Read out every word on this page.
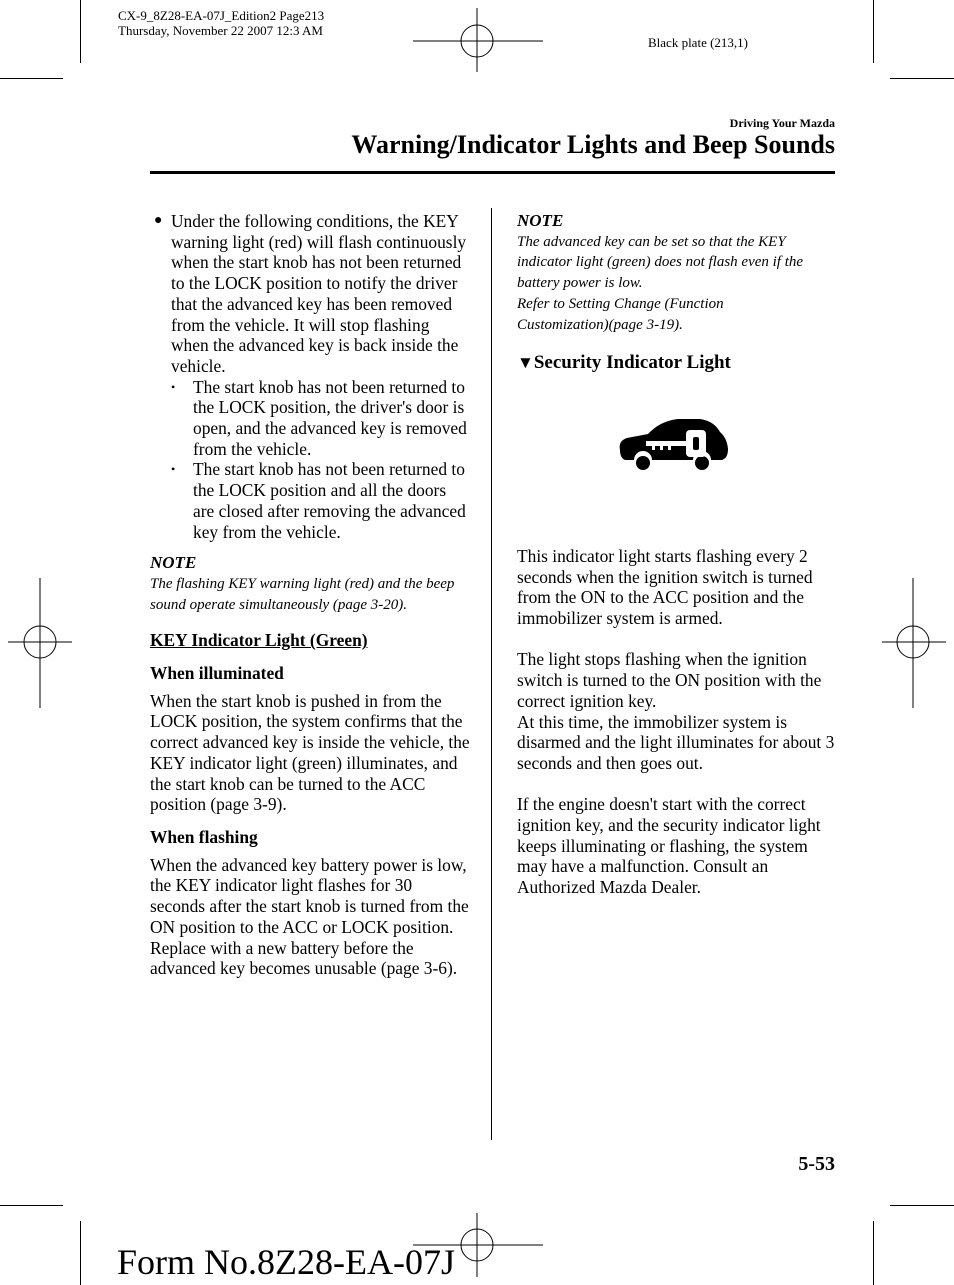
CX-9_8Z28-EA-07J_Edition2 Page213
Thursday, November 22 2007 12:3 AM
Black plate (213,1)
Driving Your Mazda
Warning/Indicator Lights and Beep Sounds
● Under the following conditions, the KEY warning light (red) will flash continuously when the start knob has not been returned to the LOCK position to notify the driver that the advanced key has been removed from the vehicle. It will stop flashing when the advanced key is back inside the vehicle.
• The start knob has not been returned to the LOCK position, the driver's door is open, and the advanced key is removed from the vehicle.
• The start knob has not been returned to the LOCK position and all the doors are closed after removing the advanced key from the vehicle.
NOTE
The flashing KEY warning light (red) and the beep sound operate simultaneously (page 3-20).
KEY Indicator Light (Green)
When illuminated
When the start knob is pushed in from the LOCK position, the system confirms that the correct advanced key is inside the vehicle, the KEY indicator light (green) illuminates, and the start knob can be turned to the ACC position (page 3-9).
When flashing
When the advanced key battery power is low, the KEY indicator light flashes for 30 seconds after the start knob is turned from the ON position to the ACC or LOCK position. Replace with a new battery before the advanced key becomes unusable (page 3-6).
NOTE
The advanced key can be set so that the KEY indicator light (green) does not flash even if the battery power is low.
Refer to Setting Change (Function Customization)(page 3-19).
▼Security Indicator Light
This indicator light starts flashing every 2 seconds when the ignition switch is turned from the ON to the ACC position and the immobilizer system is armed.
The light stops flashing when the ignition switch is turned to the ON position with the correct ignition key.
At this time, the immobilizer system is disarmed and the light illuminates for about 3 seconds and then goes out.
If the engine doesn't start with the correct ignition key, and the security indicator light keeps illuminating or flashing, the system may have a malfunction. Consult an Authorized Mazda Dealer.
5-53
Form No.8Z28-EA-07J
